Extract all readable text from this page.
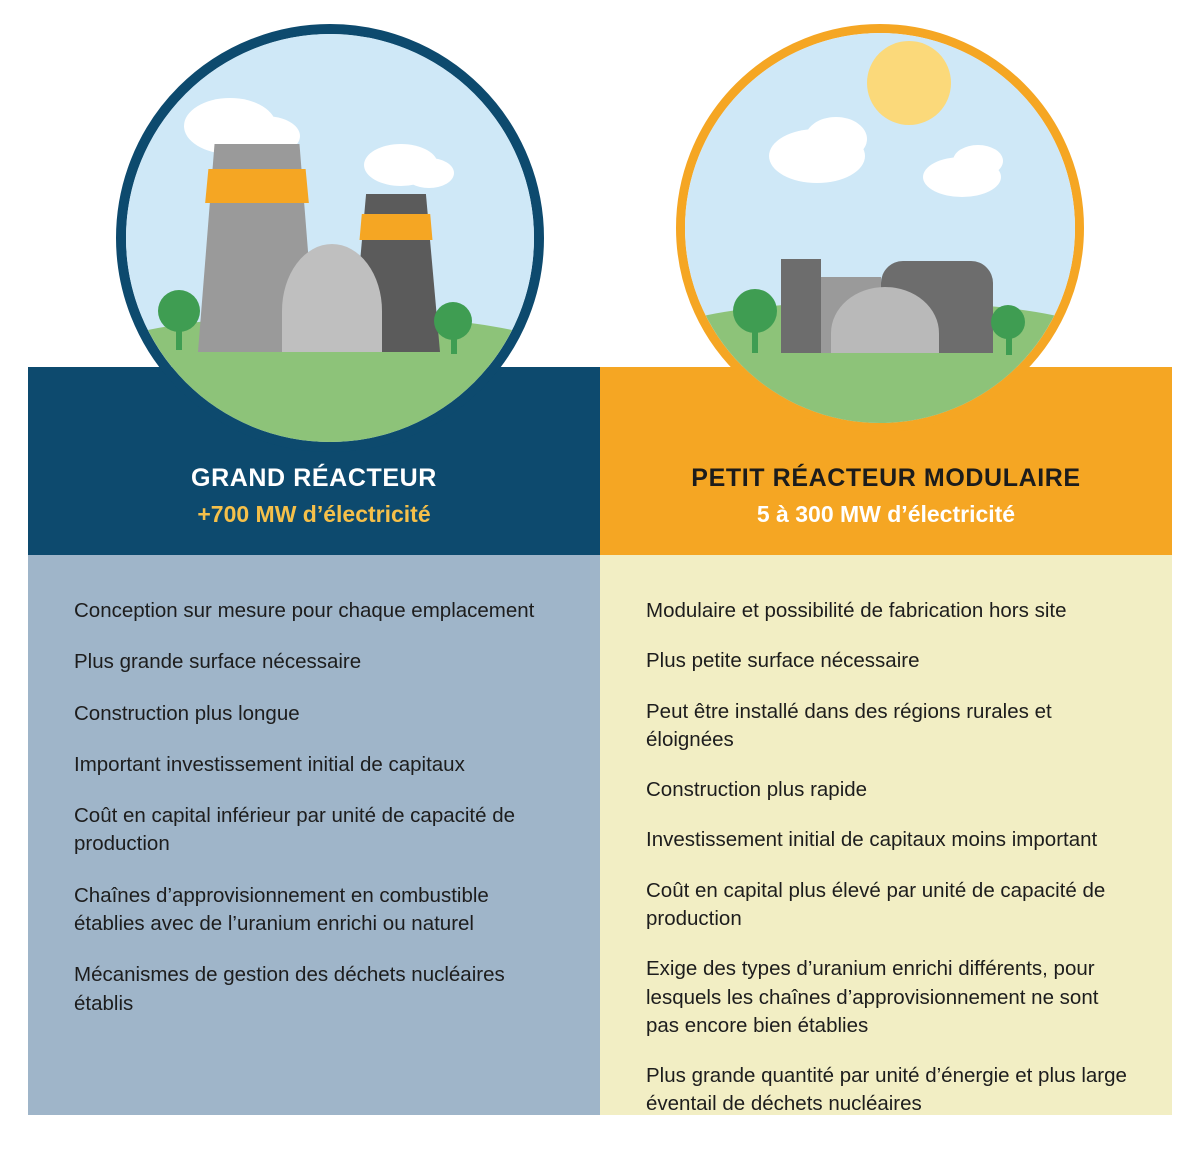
GRAND RÉACTEUR
+700 MW d’électricité
Conception sur mesure pour chaque emplacement
Plus grande surface nécessaire
Construction plus longue
Important investissement initial de capitaux
Coût en capital inférieur par unité de capacité de production
Chaînes d’approvisionnement en combustible établies avec de l’uranium enrichi ou naturel
Mécanismes de gestion des déchets nucléaires établis
PETIT RÉACTEUR MODULAIRE
5 à 300 MW d’électricité
Modulaire et possibilité de fabrication hors site
Plus petite surface nécessaire
Peut être installé dans des régions rurales et éloignées
Construction plus rapide
Investissement initial de capitaux moins important
Coût en capital plus élevé par unité de capacité de production
Exige des types d’uranium enrichi différents, pour lesquels les chaînes d’approvisionnement ne sont pas encore bien établies
Plus grande quantité par unité d’énergie et plus large éventail de déchets nucléaires
